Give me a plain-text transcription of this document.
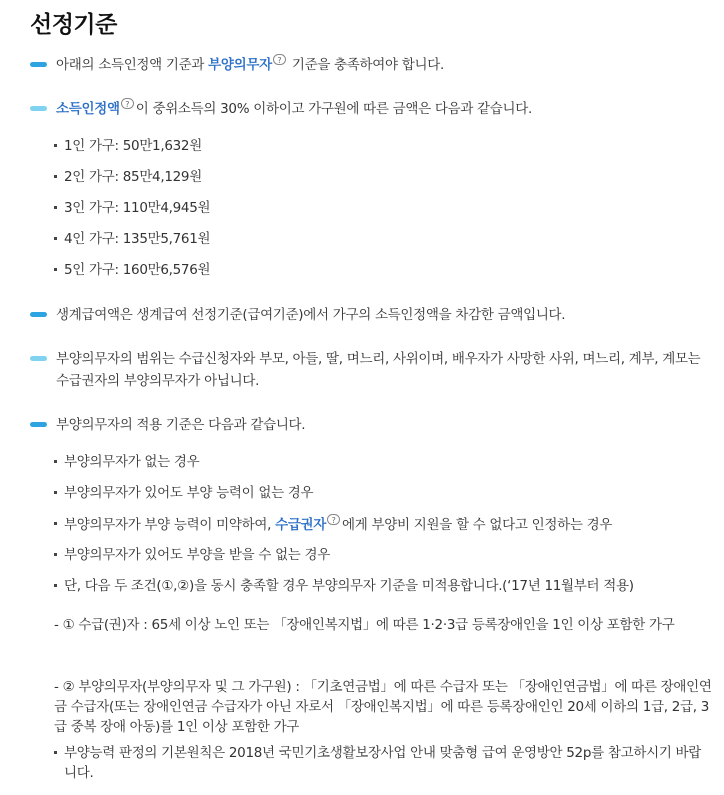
선정기준
아래의 소득인정액 기준과 부양의무자 ? 기준을 충족하여야 합니다.
소득인정액 ? 이 중위소득의 30% 이하이고 가구원에 따른 금액은 다음과 같습니다.
1인 가구: 50만1,632원
2인 가구: 85만4,129원
3인 가구: 110만4,945원
4인 가구: 135만5,761원
5인 가구: 160만6,576원
생계급여액은 생계급여 선정기준(급여기준)에서 가구의 소득인정액을 차감한 금액입니다.
부양의무자의 범위는 수급신청자와 부모, 아들, 딸, 며느리, 사위이며, 배우자가 사망한 사위, 며느리, 계부, 계모는 수급권자의 부양의무자가 아닙니다.
부양의무자의 적용 기준은 다음과 같습니다.
부양의무자가 없는 경우
부양의무자가 있어도 부양 능력이 없는 경우
부양의무자가 부양 능력이 미약하여, 수급권자 ? 에게 부양비 지원을 할 수 없다고 인정하는 경우
부양의무자가 있어도 부양을 받을 수 없는 경우
단, 다음 두 조건(①,②)을 동시 충족할 경우 부양의무자 기준을 미적용합니다.(‘17년 11월부터 적용)
- ① 수급(권)자 : 65세 이상 노인 또는 「장애인복지법」에 따른 1·2·3급 등록장애인을 1인 이상 포함한 가구
- ② 부양의무자(부양의무자 및 그 가구원) : 「기초연금법」에 따른 수급자 또는 「장애인연금법」에 따른 장애인연금 수급자(또는 장애인연금 수급자가 아닌 자로서 「장애인복지법」에 따른 등록장애인인 20세 이하의 1급, 2급, 3급 중복 장애 아동)를 1인 이상 포함한 가구
부양능력 판정의 기본원칙은 2018년 국민기초생활보장사업 안내 맞춤형 급여 운영방안 52p를 참고하시기 바랍니다.
